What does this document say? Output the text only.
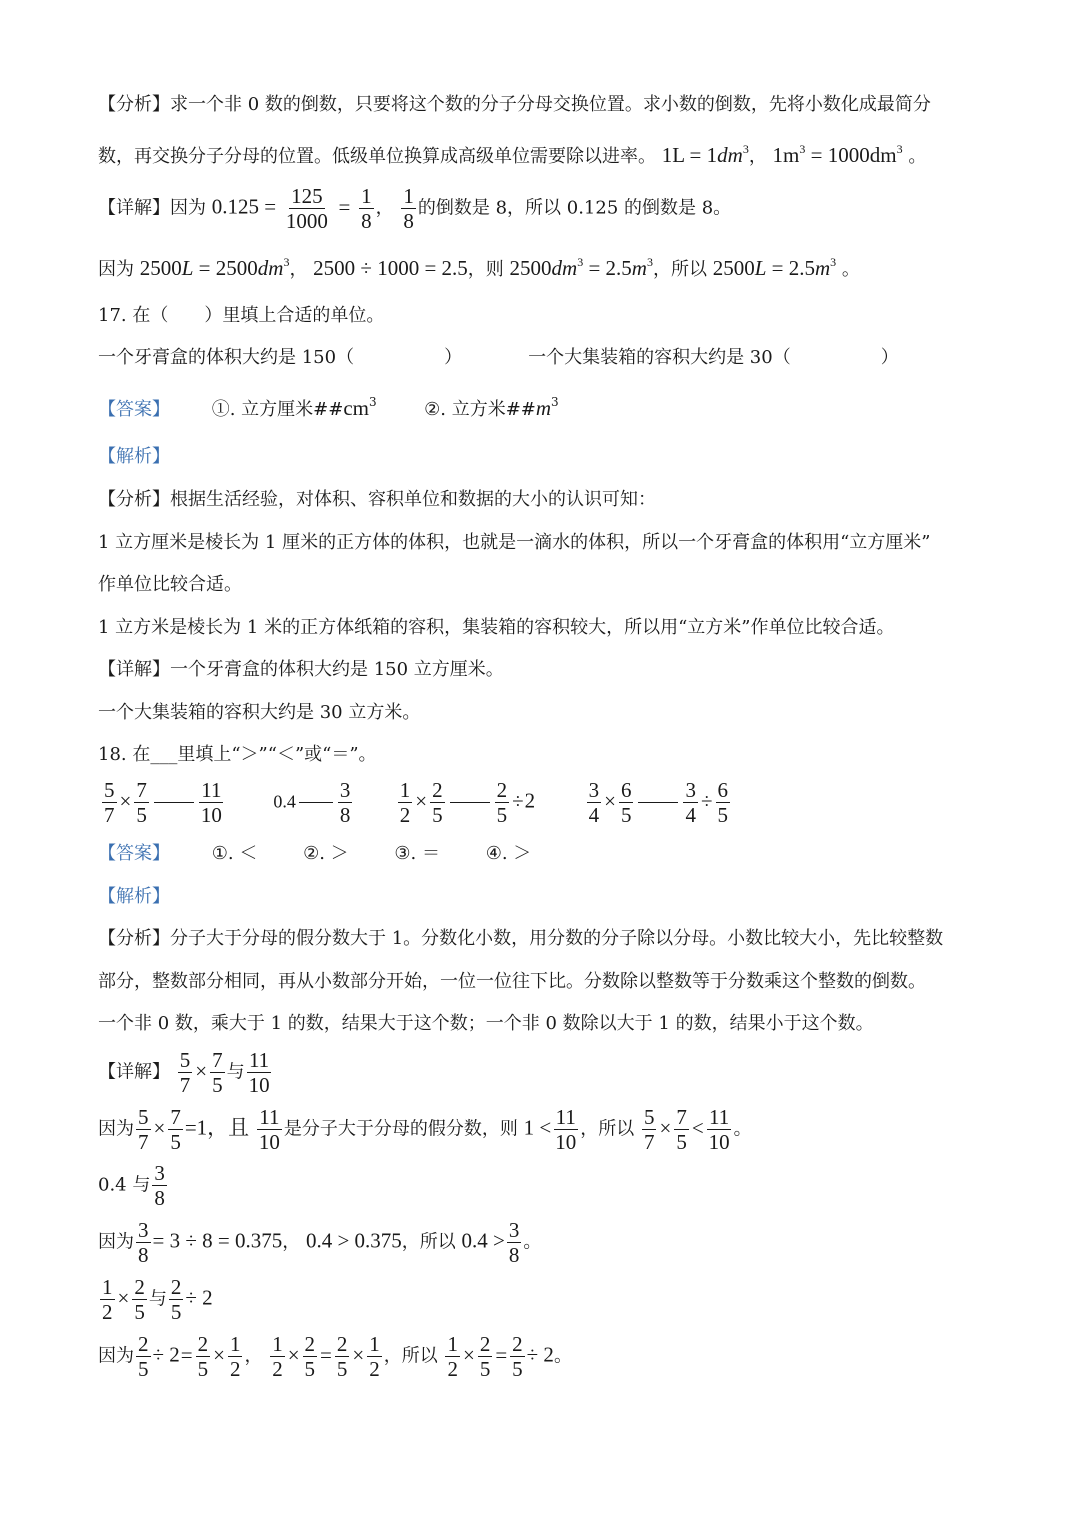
【分析】求一个非 0 数的倒数，只要将这个数的分子分母交换位置。求小数的倒数，先将小数化成最简分
数，再交换分子分母的位置。低级单位换算成高级单位需要除以进率。 $1L = 1dm^3$， $1m^3 = 1000dm^3$ 。
【详解】因为 $0.125 = \frac{125}{1000} = \frac{1}{8}$ ， $\frac{1}{8}$ 的倒数是 8，所以 0.125 的倒数是 8。
因为 $2500L = 2500dm^3$， 2500 ÷ 1000 = 2.5，则 $2500dm^3 = 2.5m^3$，所以 $2500L = 2.5m^3$ 。
17. 在（　　）里填上合适的单位。
一个牙膏盒的体积大约是 150（　　　　　）	一个大集装箱的容积大约是 30（　　　　　）
【答案】 ①. 立方厘米$\#\#cm^3$	②. 立方米$\#\#m^3$
【解析】
【分析】根据生活经验，对体积、容积单位和数据的大小的认识可知：
1 立方厘米是棱长为 1 厘米的正方体的体积，也就是一滴水的体积，所以一个牙膏盒的体积用“立方厘米”
作单位比较合适。
1 立方米是棱长为 1 米的正方体纸箱的容积，集装箱的容积较大，所以用“立方米”作单位比较合适。
【详解】一个牙膏盒的体积大约是 150 立方厘米。
一个大集装箱的容积大约是 30 立方米。
18. 在___里填上“＞”“＜”或“＝”。
$\frac{5}{7} \times \frac{7}{5} \frac{11}{10}$	$0.4 \frac{3}{8}$
$\frac{1}{2} \times \frac{2}{5} \frac{2}{5} \div 2 \frac{3}{4} \times \frac{6}{5} \frac{3}{4} \div \frac{6}{5}$
【答案】 ①. ＜	②. ＞	③. ＝	④. ＞
【解析】
【分析】分子大于分母的假分数大于 1。分数化小数，用分数的分子除以分母。小数比较大小，先比较整数
部分，整数部分相同，再从小数部分开始，一位一位往下比。分数除以整数等于分数乘这个整数的倒数。
一个非 0 数，乘大于 1 的数，结果大于这个数；一个非 0 数除以大于 1 的数，结果小于这个数。
【详解】 $\frac{5}{7} \times \frac{7}{5}$ 与 $\frac{11}{10}$
因为 $\frac{5}{7} \times \frac{7}{5} =1$，且 $\frac{11}{10}$ 是分子大于分母的假分数，则 $1 < \frac{11}{10}$ ，所以 $\frac{5}{7} \times \frac{7}{5} < \frac{11}{10}$ 。
0.4 与 $\frac{3}{8}$
因为 $\frac{3}{8} = 3 \div 8 = 0.375$， 0.4 > 0.375，所以 $0.4 > \frac{3}{8}$ 。
$\frac{1}{2} \times \frac{2}{5}$ 与 $\frac{2}{5} \div 2$
因为 $\frac{2}{5} \div 2= \frac{2}{5} \times \frac{1}{2}$ ， $\frac{1}{2} \times \frac{2}{5} = \frac{2}{5} \times \frac{1}{2}$ ，所以 $\frac{1}{2} \times \frac{2}{5} = \frac{2}{5} \div 2$。
